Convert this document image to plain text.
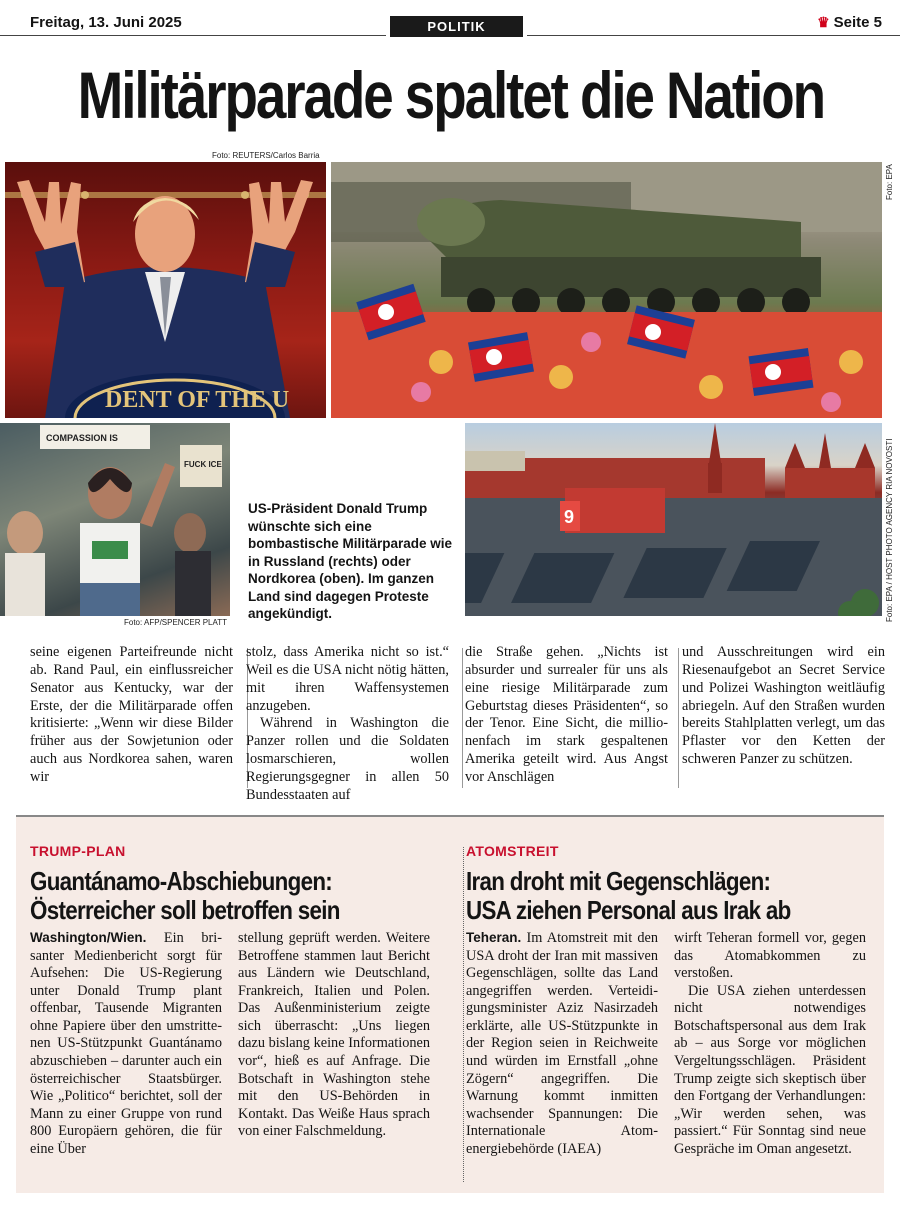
Freitag, 13. Juni 2025	POLITIK	♛ Seite 5
Militärparade spaltet die Nation
Foto: REUTERS/Carlos Barria
Foto: EPA
Foto: AFP/SPENCER PLATT
Foto: EPA / HOST PHOTO AGENCY RIA NOVOSTI
DENT OF THE U
COMPASSION IS
FUCK ICE
US-Präsident Donald Trump wünschte sich eine bombastische Militärparade wie in Russland (rechts) oder Nordkorea (oben). Im ganzen Land sind dagegen Proteste angekündigt.
9

seine eigenen Parteifreunde nicht ab. Rand Paul, ein einflussreicher Senator aus Kentucky, war der Erste, der die Militärparade offen kritisierte: „Wenn wir diese Bilder früher aus der Sowjetunion oder auch aus Nordkorea sahen, waren wir

stolz, dass Amerika nicht so ist.“ Weil es die USA nicht nötig hätten, mit ihren Waffensystemen anzugeben.

Während in Washington die Panzer rollen und die Soldaten losmarschieren, wollen Regierungsgegner in allen 50 Bundesstaaten auf

die Straße gehen. „Nichts ist absurder und surrealer für uns als eine riesige Militärparade zum Geburtstag dieses Präsidenten“, so der Tenor. Eine Sicht, die millionenfach im stark gespaltenen Amerika geteilt wird. Aus Angst vor Anschlägen

und Ausschreitungen wird ein Riesenaufgebot an Secret Service und Polizei Washington weitläufig abriegeln. Auf den Straßen wurden bereits Stahlplatten verlegt, um das Pflaster vor den Ketten der schweren Panzer zu schützen.

TRUMP-PLAN
Guantánamo-Abschiebungen:
Österreicher soll betroffen sein

Washington/Wien. Ein brisanter Medienbericht sorgt für Aufsehen: Die US-Regierung unter Donald Trump plant offenbar, Tausende Migranten ohne Papiere über den umstrittenen US-Stützpunkt Guantánamo abzuschieben – darunter auch ein österreichischer Staatsbürger. Wie „Politico“ berichtet, soll der Mann zu einer Gruppe von rund 800 Europäern gehören, die für eine Über

stellung geprüft werden. Weitere Betroffene stammen laut Bericht aus Ländern wie Deutschland, Frankreich, Italien und Polen. Das Außenministerium zeigte sich überrascht: „Uns liegen dazu bislang keine Informationen vor“, hieß es auf Anfrage. Die Botschaft in Washington stehe mit den US-Behörden in Kontakt. Das Weiße Haus sprach von einer Falschmeldung.

ATOMSTREIT
Iran droht mit Gegenschlägen:
USA ziehen Personal aus Irak ab

Teheran. Im Atomstreit mit den USA droht der Iran mit massiven Gegenschlägen, sollte das Land angegriffen werden. Verteidigungsminister Aziz Nasirzadeh erklärte, alle US-Stützpunkte in der Region seien in Reichweite und würden im Ernstfall „ohne Zögern“ angegriffen. Die Warnung kommt inmitten wachsender Spannungen: Die Internationale Atomenergiebehörde (IAEA)

wirft Teheran formell vor, gegen das Atomabkommen zu verstoßen.

Die USA ziehen unterdessen nicht notwendiges Botschaftspersonal aus dem Irak ab – aus Sorge vor möglichen Vergeltungsschlägen. Präsident Trump zeigte sich skeptisch über den Fortgang der Verhandlungen: „Wir werden sehen, was passiert.“ Für Sonntag sind neue Gespräche im Oman angesetzt.
